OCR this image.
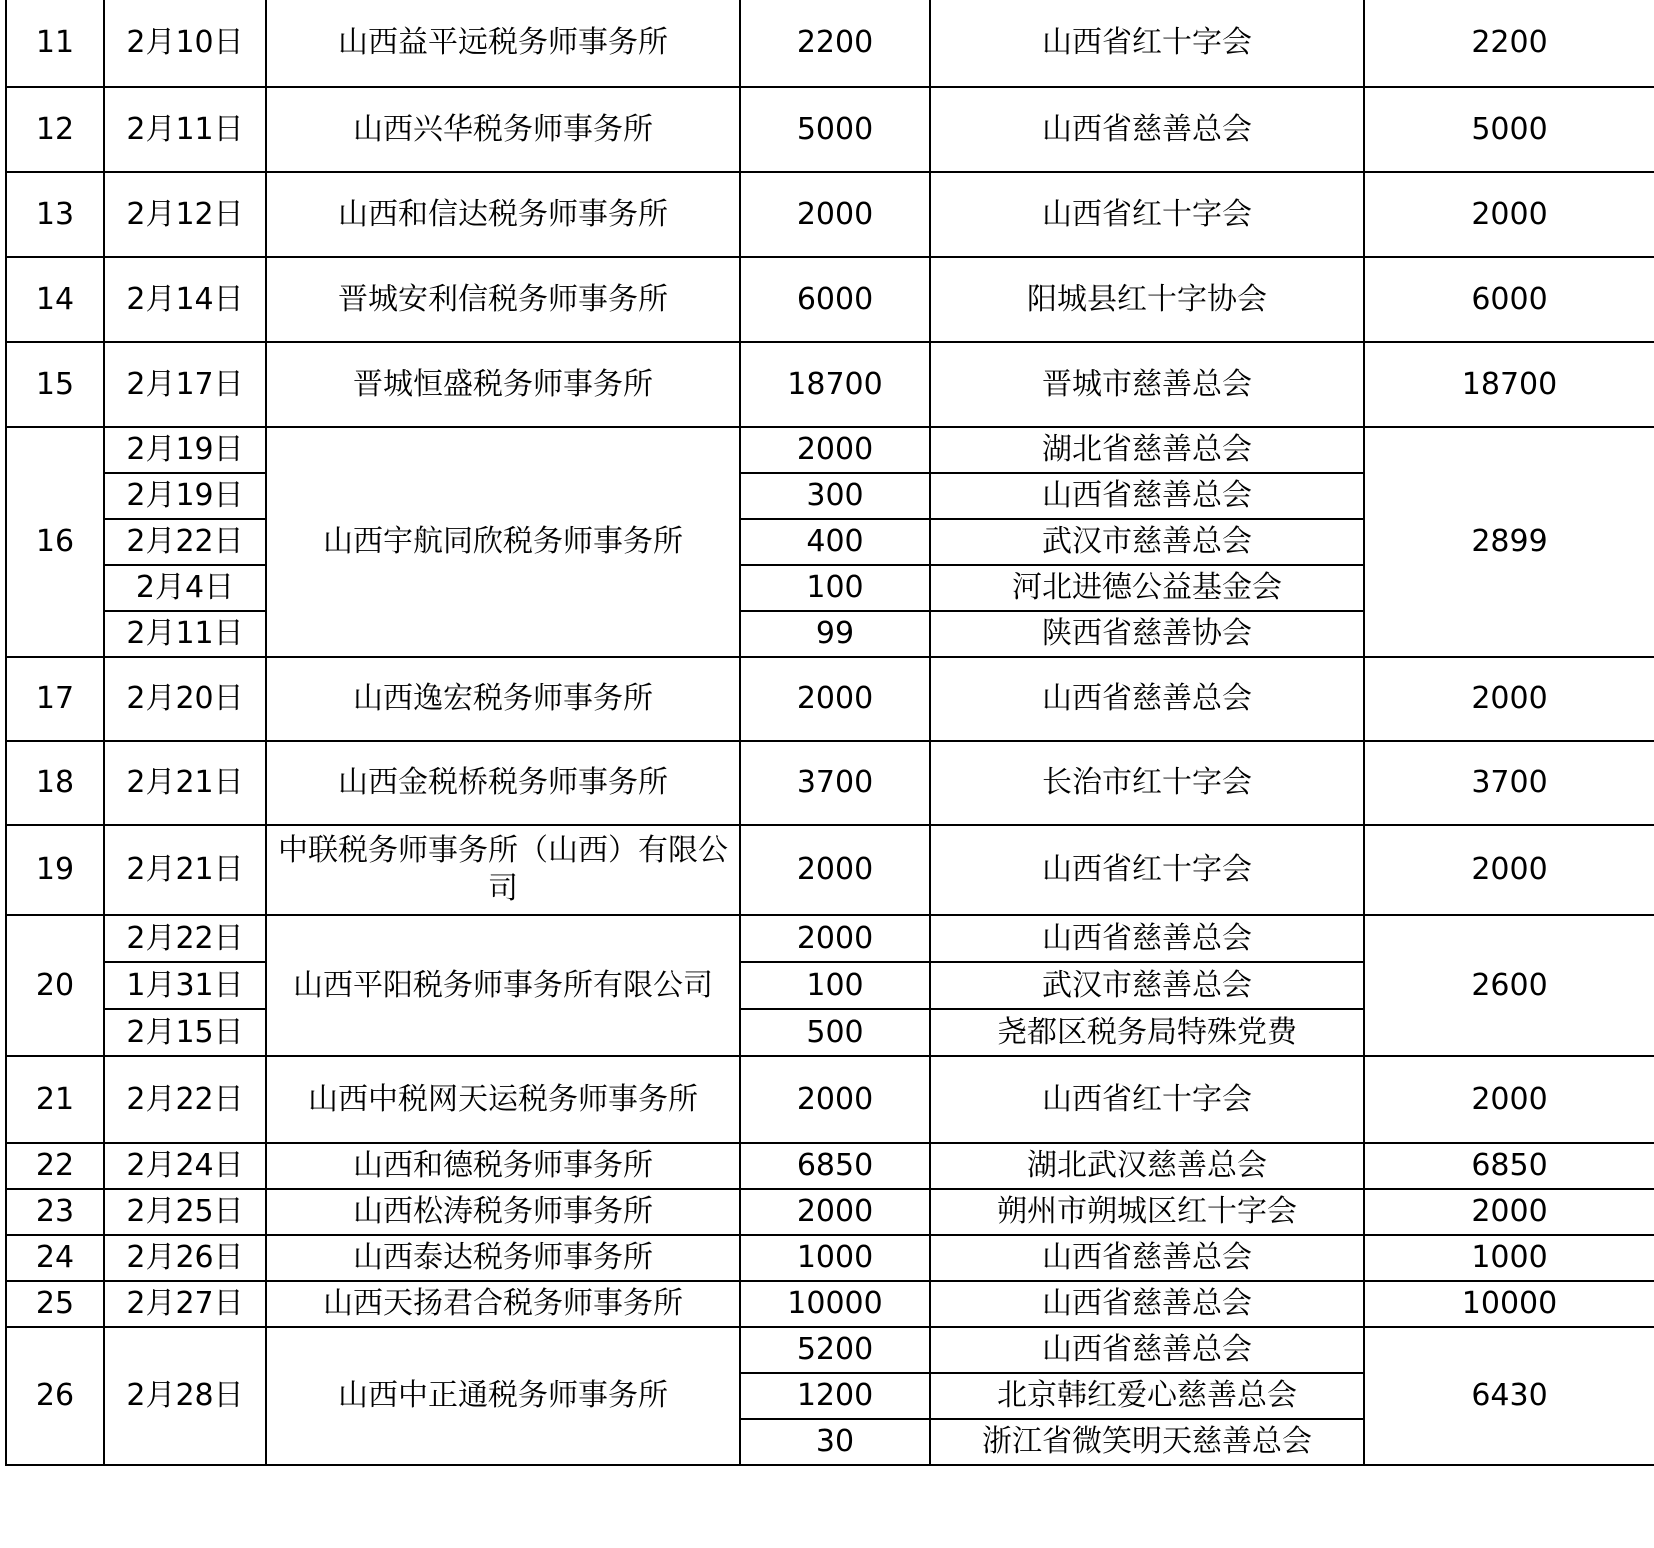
11	2月10日	山西益平远税务师事务所	2200	山西省红十字会	2200
12	2月11日	山西兴华税务师事务所	5000	山西省慈善总会	5000
13	2月12日	山西和信达税务师事务所	2000	山西省红十字会	2000
14	2月14日	晋城安利信税务师事务所	6000	阳城县红十字协会	6000
15	2月17日	晋城恒盛税务师事务所	18700	晋城市慈善总会	18700
16	2月19日	山西宇航同欣税务师事务所	2000	湖北省慈善总会	2899
	2月19日		300	山西省慈善总会	
	2月22日		400	武汉市慈善总会	
	2月4日		100	河北进德公益基金会	
	2月11日		99	陕西省慈善协会	
17	2月20日	山西逸宏税务师事务所	2000	山西省慈善总会	2000
18	2月21日	山西金税桥税务师事务所	3700	长治市红十字会	3700
19	2月21日	中联税务师事务所（山西）有限公司	2000	山西省红十字会	2000
20	2月22日	山西平阳税务师事务所有限公司	2000	山西省慈善总会	2600
	1月31日		100	武汉市慈善总会	
	2月15日		500	尧都区税务局特殊党费	
21	2月22日	山西中税网天运税务师事务所	2000	山西省红十字会	2000
22	2月24日	山西和德税务师事务所	6850	湖北武汉慈善总会	6850
23	2月25日	山西松涛税务师事务所	2000	朔州市朔城区红十字会	2000
24	2月26日	山西泰达税务师事务所	1000	山西省慈善总会	1000
25	2月27日	山西天扬君合税务师事务所	10000	山西省慈善总会	10000
26	2月28日	山西中正通税务师事务所	5200	山西省慈善总会	6430
			1200	北京韩红爱心慈善总会	
			30	浙江省微笑明天慈善总会	
